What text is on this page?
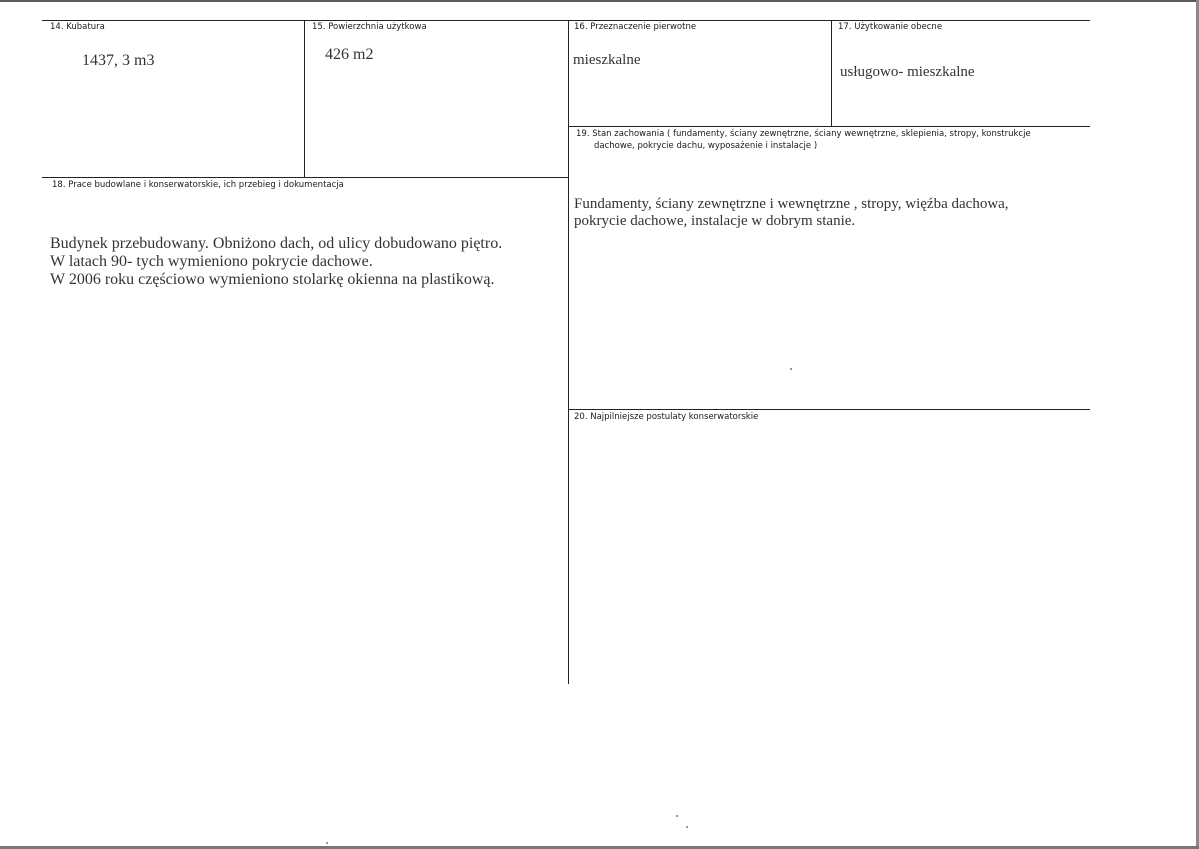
14. Kubatura
1437, 3 m3
15. Powierzchnia użytkowa
426 m2
16. Przeznaczenie pierwotne
mieszkalne
17. Użytkowanie obecne
usługowo- mieszkalne
19. Stan zachowania ( fundamenty, ściany zewnętrzne, ściany wewnętrzne, sklepienia, stropy, konstrukcje
dachowe, pokrycie dachu, wyposażenie i instalacje )
Fundamenty, ściany zewnętrzne i wewnętrzne , stropy, więźba dachowa,
pokrycie dachowe, instalacje w dobrym stanie.
18. Prace budowlane i konserwatorskie, ich przebieg i dokumentacja
Budynek przebudowany. Obniżono dach, od ulicy dobudowano piętro.
W latach 90- tych wymieniono pokrycie dachowe.
W 2006 roku częściowo wymieniono stolarkę okienna na plastikową.
20. Najpilniejsze postulaty konserwatorskie
